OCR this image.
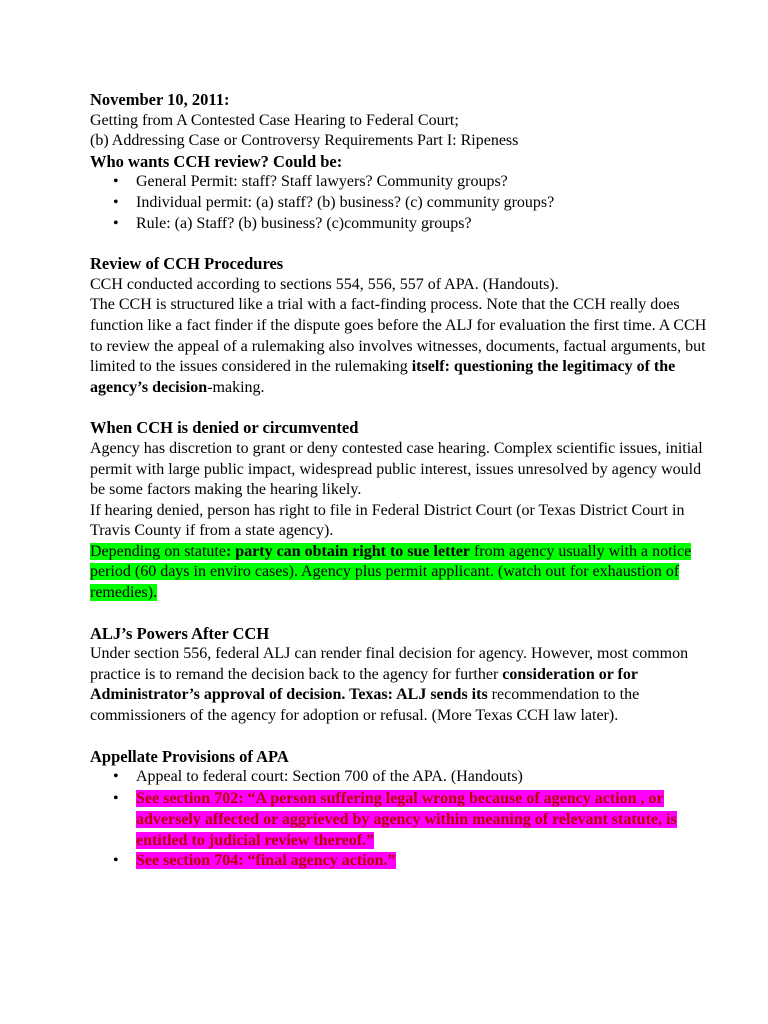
November 10, 2011:

Getting from A Contested Case Hearing to Federal Court;

(b) Addressing Case or Controversy Requirements Part I: Ripeness

Who wants CCH review? Could be:

• General Permit: staff? Staff lawyers? Community groups?
• Individual permit: (a) staff? (b) business? (c) community groups?
• Rule: (a) Staff? (b) business? (c)community groups?

Review of CCH Procedures

CCH conducted according to sections 554, 556, 557 of APA. (Handouts).

The CCH is structured like a trial with a fact-finding process. Note that the CCH really does function like a fact finder if the dispute goes before the ALJ for evaluation the first time. A CCH to review the appeal of a rulemaking also involves witnesses, documents, factual arguments, but limited to the issues considered in the rulemaking itself: questioning the legitimacy of the agency’s decision-making.

When CCH is denied or circumvented

Agency has discretion to grant or deny contested case hearing. Complex scientific issues, initial permit with large public impact, widespread public interest, issues unresolved by agency would be some factors making the hearing likely.

If hearing denied, person has right to file in Federal District Court (or Texas District Court in Travis County if from a state agency).

Depending on statute: party can obtain right to sue letter from agency usually with a notice period (60 days in enviro cases). Agency plus permit applicant. (watch out for exhaustion of remedies).

ALJ’s Powers After CCH

Under section 556, federal ALJ can render final decision for agency. However, most common practice is to remand the decision back to the agency for further consideration or for Administrator’s approval of decision. Texas: ALJ sends its recommendation to the commissioners of the agency for adoption or refusal. (More Texas CCH law later).

Appellate Provisions of APA

• Appeal to federal court: Section 700 of the APA. (Handouts)
• See section 702: “A person suffering legal wrong because of agency action , or
adversely affected or aggrieved by agency within meaning of relevant statute, is
entitled to judicial review thereof.”
• See section 704: “final agency action.”
